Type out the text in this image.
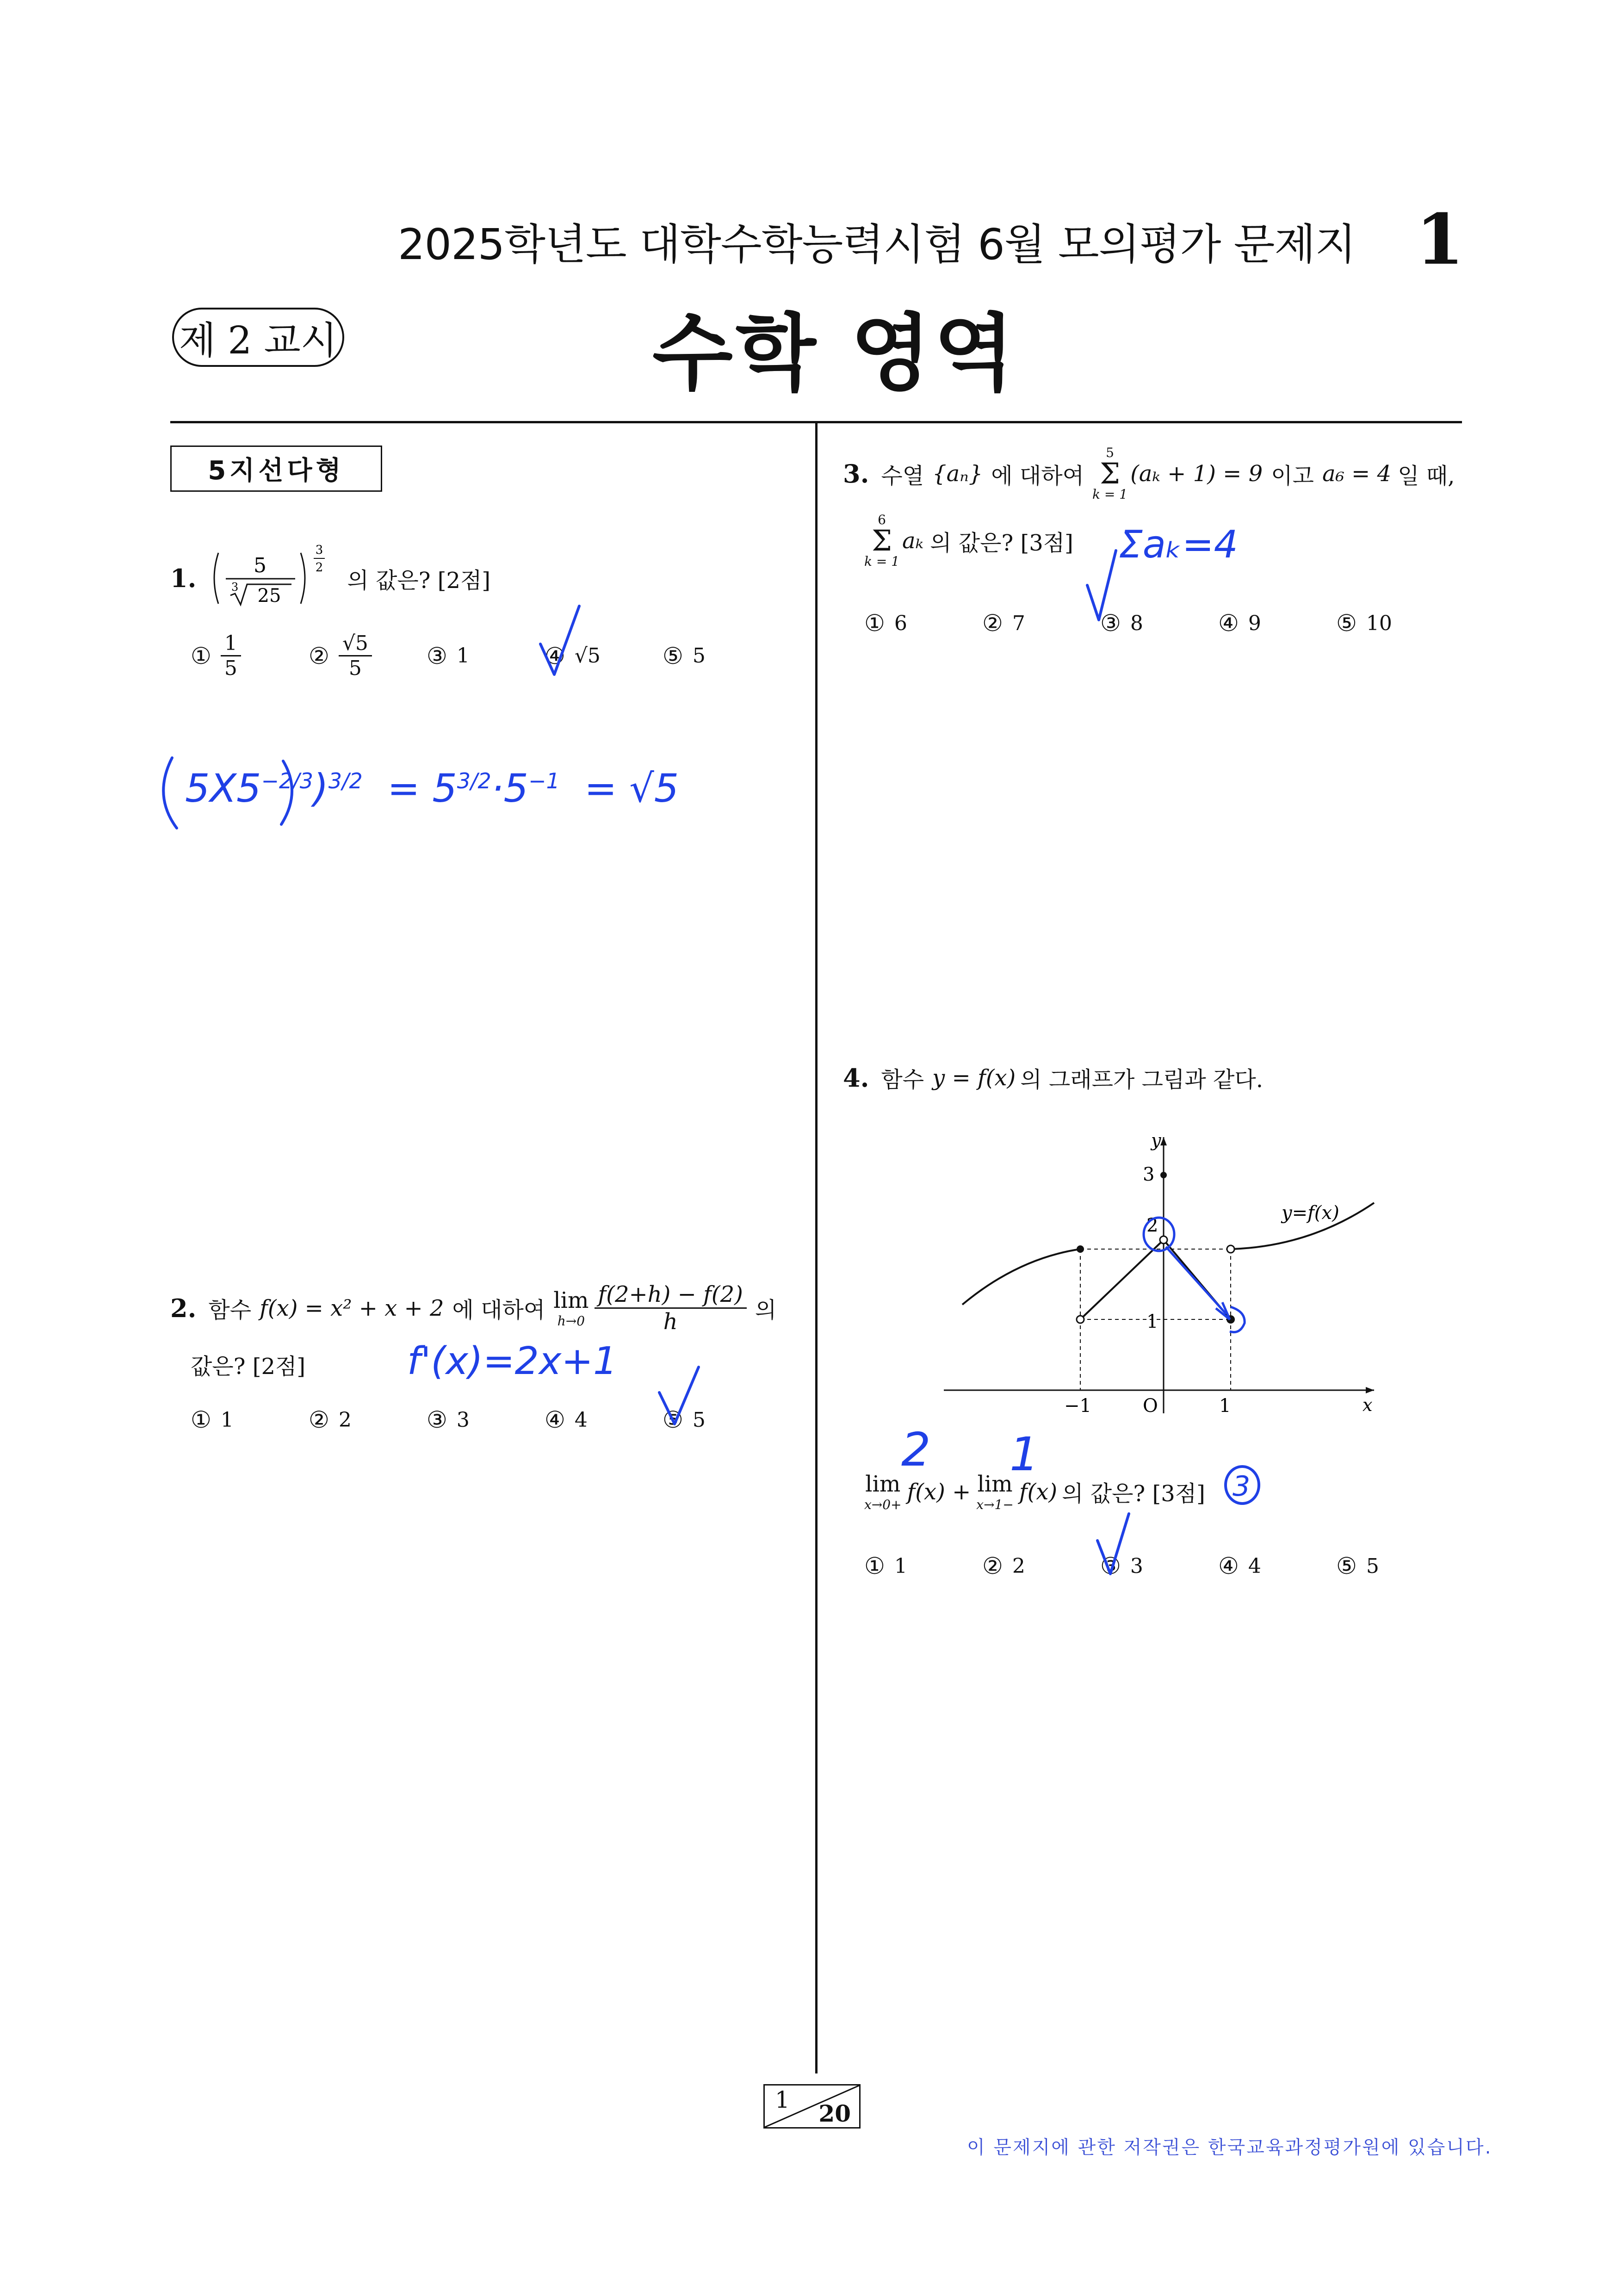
2025학년도 대학수학능력시험 6월 모의평가 문제지 1
제 2 교시	수학 영역
5지선다형
1.	5
3 25
3
2 의 값은? [2점]
① $\frac{1}{5}$	② $\frac{√5}{5}$ ③ 1	④ √5	⑤ 5
2. 함수 f(x) = x² + x + 2 에 대하여 lim
$h\to 0 \frac{f(2+h) - f(2)}{h}$ 의
값은? [2점]
① 1	② 2	③ 3	④ 4	⑤ 5
3. 수열 {aₙ} 에 대하여
5
Σ
k = 1
(aₖ + 1) = 9 이고 a₆ = 4 일 때,
6
Σ
k = 1
aₖ 의 값은? [3점]
① 6	② 7	③ 8	④ 9	⑤ 10
4. 함수 y = f(x) 의 그래프가 그림과 같다.
y
x
O
−1	1
1
2
3
y=f(x)
lim
x→0+ f(x) + lim
x→1− f(x) 의 값은? [3점]
① 1	② 2	③ 3	④ 4	⑤ 5
$5X5^{-2/3})^{3/2} = 5^{3/2}\cdot 5^{-1} = √5$
f'(x)=2x+1
Σaₖ=4
2 1
3
1 20
이 문제지에 관한 저작권은 한국교육과정평가원에 있습니다.
